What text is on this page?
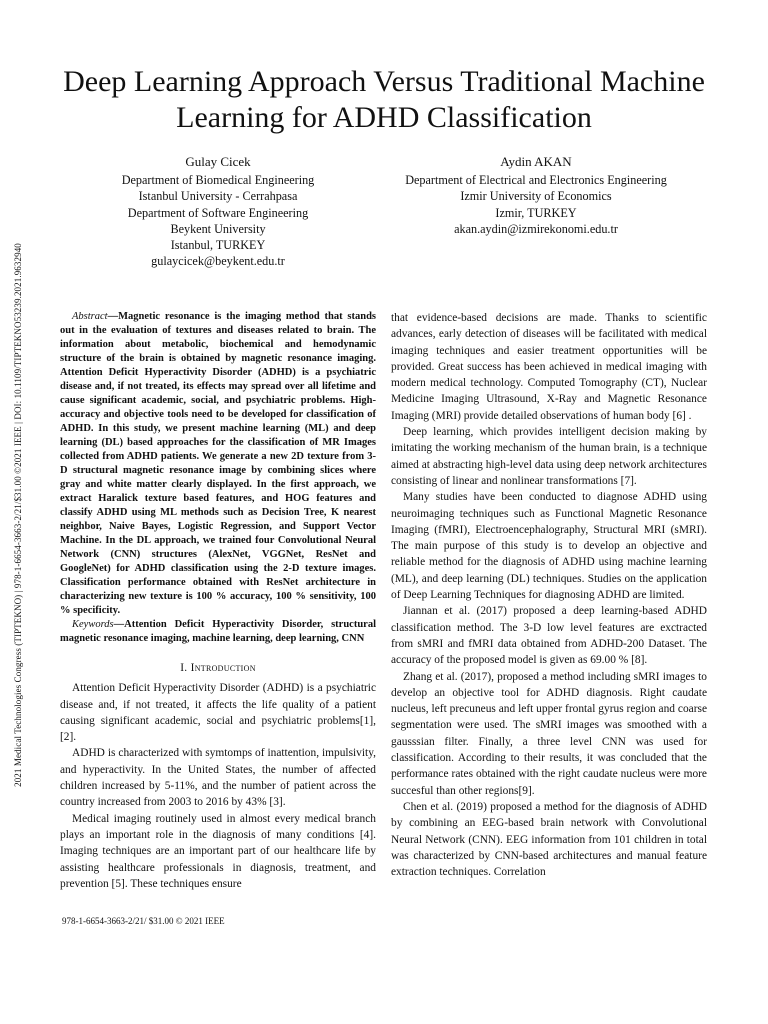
2021 Medical Technologies Congress (TIPTEKNO) | 978-1-6654-3663-2/21/$31.00 ©2021 IEEE | DOI: 10.1109/TIPTEKNO53239.2021.9632940
Deep Learning Approach Versus Traditional Machine Learning for ADHD Classification
Gulay Cicek
Department of Biomedical Engineering
Istanbul University - Cerrahpasa
Department of Software Engineering
Beykent University
Istanbul, TURKEY
gulaycicek@beykent.edu.tr
Aydin AKAN
Department of Electrical and Electronics Engineering
Izmir University of Economics
Izmir, TURKEY
akan.aydin@izmirekonomi.edu.tr

Abstract—Magnetic resonance is the imaging method that stands out in the evaluation of textures and diseases related to brain. The information about metabolic, biochemical and hemodynamic structure of the brain is obtained by magnetic resonance imaging. Attention Deficit Hyperactivity Disorder (ADHD) is a psychiatric disease and, if not treated, its effects may spread over all lifetime and cause significant academic, social, and psychiatric problems. High-accuracy and objective tools need to be developed for classification of ADHD. In this study, we present machine learning (ML) and deep learning (DL) based approaches for the classification of MR Images collected from ADHD patients. We generate a new 2D texture from 3-D structural magnetic resonance image by combining slices where gray and white matter clearly displayed. In the first approach, we extract Haralick texture based features, and HOG features and classify ADHD using ML methods such as Decision Tree, K nearest neighbor, Naive Bayes, Logistic Regression, and Support Vector Machine. In the DL approach, we trained four Convolutional Neural Network (CNN) structures (AlexNet, VGGNet, ResNet and GoogleNet) for ADHD classification using the 2-D texture images. Classification performance obtained with ResNet architecture in characterizing new texture is 100 % accuracy, 100 % sensitivity, 100 % specificity.

Keywords—Attention Deficit Hyperactivity Disorder, structural magnetic resonance imaging, machine learning, deep learning, CNN

I. Introduction

Attention Deficit Hyperactivity Disorder (ADHD) is a psychiatric disease and, if not treated, it affects the life quality of a patient causing significant academic, social and psychiatric problems[1], [2].

ADHD is characterized with symtomps of inattention, impulsivity, and hyperactivity. In the United States, the number of affected children increased by 5-11%, and the number of patient across the country increased from 2003 to 2016 by 43% [3].

Medical imaging routinely used in almost every medical branch plays an important role in the diagnosis of many conditions [4]. Imaging techniques are an important part of our healthcare life by assisting healthcare professionals in diagnosis, treatment, and prevention [5]. These techniques ensure

that evidence-based decisions are made. Thanks to scientific advances, early detection of diseases will be facilitated with medical imaging techniques and easier treatment opportunities will be provided. Great success has been achieved in medical imaging with modern medical technology. Computed Tomography (CT), Nuclear Medicine Imaging Ultrasound, X-Ray and Magnetic Resonance Imaging (MRI) provide detailed observations of human body [6] .

Deep learning, which provides intelligent decision making by imitating the working mechanism of the human brain, is a technique aimed at abstracting high-level data using deep network architectures consisting of linear and nonlinear transformations [7].

Many studies have been conducted to diagnose ADHD using neuroimaging techniques such as Functional Magnetic Resonance Imaging (fMRI), Electroencephalography, Structural MRI (sMRI). The main purpose of this study is to develop an objective and reliable method for the diagnosis of ADHD using machine learning (ML), and deep learning (DL) techniques. Studies on the application of Deep Learning Techniques for diagnosing ADHD are limited.

Jiannan et al. (2017) proposed a deep learning-based ADHD classification method. The 3-D low level features are exctracted from sMRI and fMRI data obtained from ADHD-200 Dataset. The accuracy of the proposed model is given as 69.00 % [8].

Zhang et al. (2017), proposed a method including sMRI images to develop an objective tool for ADHD diagnosis. Right caudate nucleus, left precuneus and left upper frontal gyrus region and coarse segmentation were used. The sMRI images was smoothed with a gausssian filter. Finally, a three level CNN was used for classification. According to their results, it was concluded that the performance rates obtained with the right caudate nucleus were more succesful than other regions[9].

Chen et al. (2019) proposed a method for the diagnosis of ADHD by combining an EEG-based brain network with Convolutional Neural Network (CNN). EEG information from 101 children in total was characterized by CNN-based architectures and manual feature extraction techniques. Correlation

978-1-6654-3663-2/21/ $31.00 © 2021 IEEE
